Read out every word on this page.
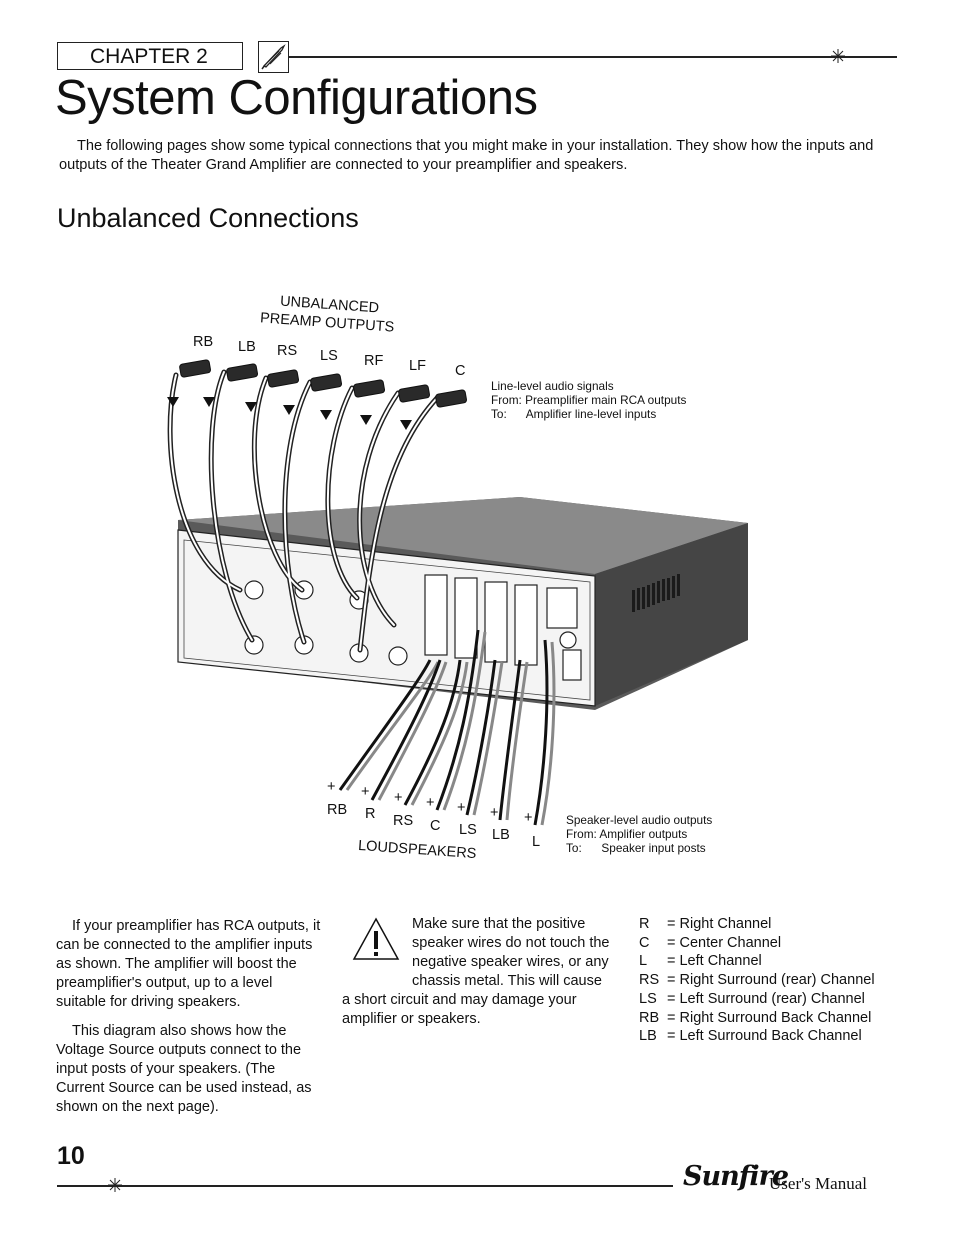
CHAPTER 2
System Configurations
The following pages show some typical connections that you might make in your installation. They show how the inputs and outputs of the Theater Grand Amplifier are connected to your preamplifier and speakers.
Unbalanced Connections
UNBALANCED
PREAMP OUTPUTS
RB LB RS LS RF LF C
Line-level audio signals
From: Preamplifier main RCA outputs
To:      Amplifier line-level inputs
+ + + + + + +
RB R RS C LS LB L
LOUDSPEAKERS
Speaker-level audio outputs
From: Amplifier outputs
To:      Speaker input posts
If your preamplifier has RCA outputs, it can be connected to the amplifier inputs as shown. The amplifier will boost the preamplifier's output, up to a level suitable for driving speakers.
This diagram also shows how the Voltage Source outputs connect to the input posts of your speakers. (The Current Source can be used instead, as shown on the next page).
Make sure that the positive speaker wires do not touch the negative speaker wires, or any chassis metal. This will cause a short circuit and may damage your amplifier or speakers.
R	= Right Channel
C	= Center Channel
L	= Left Channel
RS = Right Surround (rear) Channel
LS = Left Surround (rear) Channel
RB = Right Surround Back Channel
LB = Left Surround Back Channel
10
Sunfire
User's Manual
